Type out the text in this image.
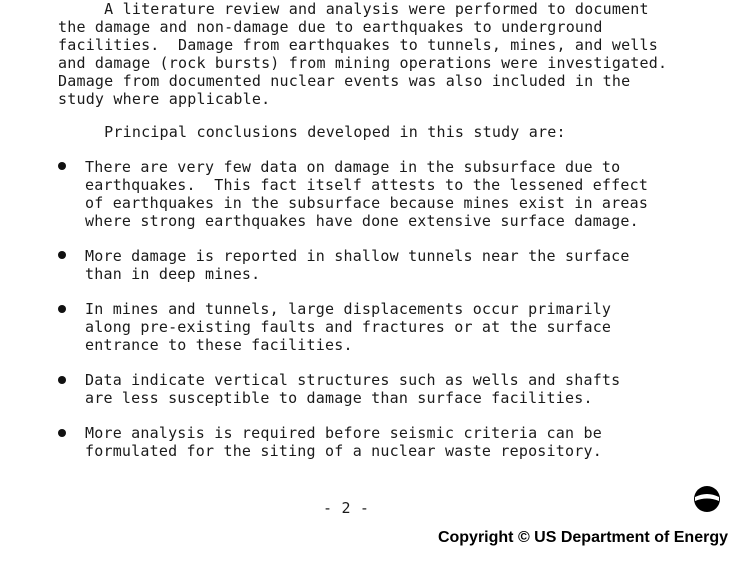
A literature review and analysis were performed to document
the damage and non-damage due to earthquakes to underground
facilities.  Damage from earthquakes to tunnels, mines, and wells
and damage (rock bursts) from mining operations were investigated.
Damage from documented nuclear events was also included in the
study where applicable.
Principal conclusions developed in this study are:
There are very few data on damage in the subsurface due to
earthquakes.  This fact itself attests to the lessened effect
of earthquakes in the subsurface because mines exist in areas
where strong earthquakes have done extensive surface damage.
More damage is reported in shallow tunnels near the surface
than in deep mines.
In mines and tunnels, large displacements occur primarily
along pre-existing faults and fractures or at the surface
entrance to these facilities.
Data indicate vertical structures such as wells and shafts
are less susceptible to damage than surface facilities.
More analysis is required before seismic criteria can be
formulated for the siting of a nuclear waste repository.
- 2 -
Copyright © US Department of Energy
